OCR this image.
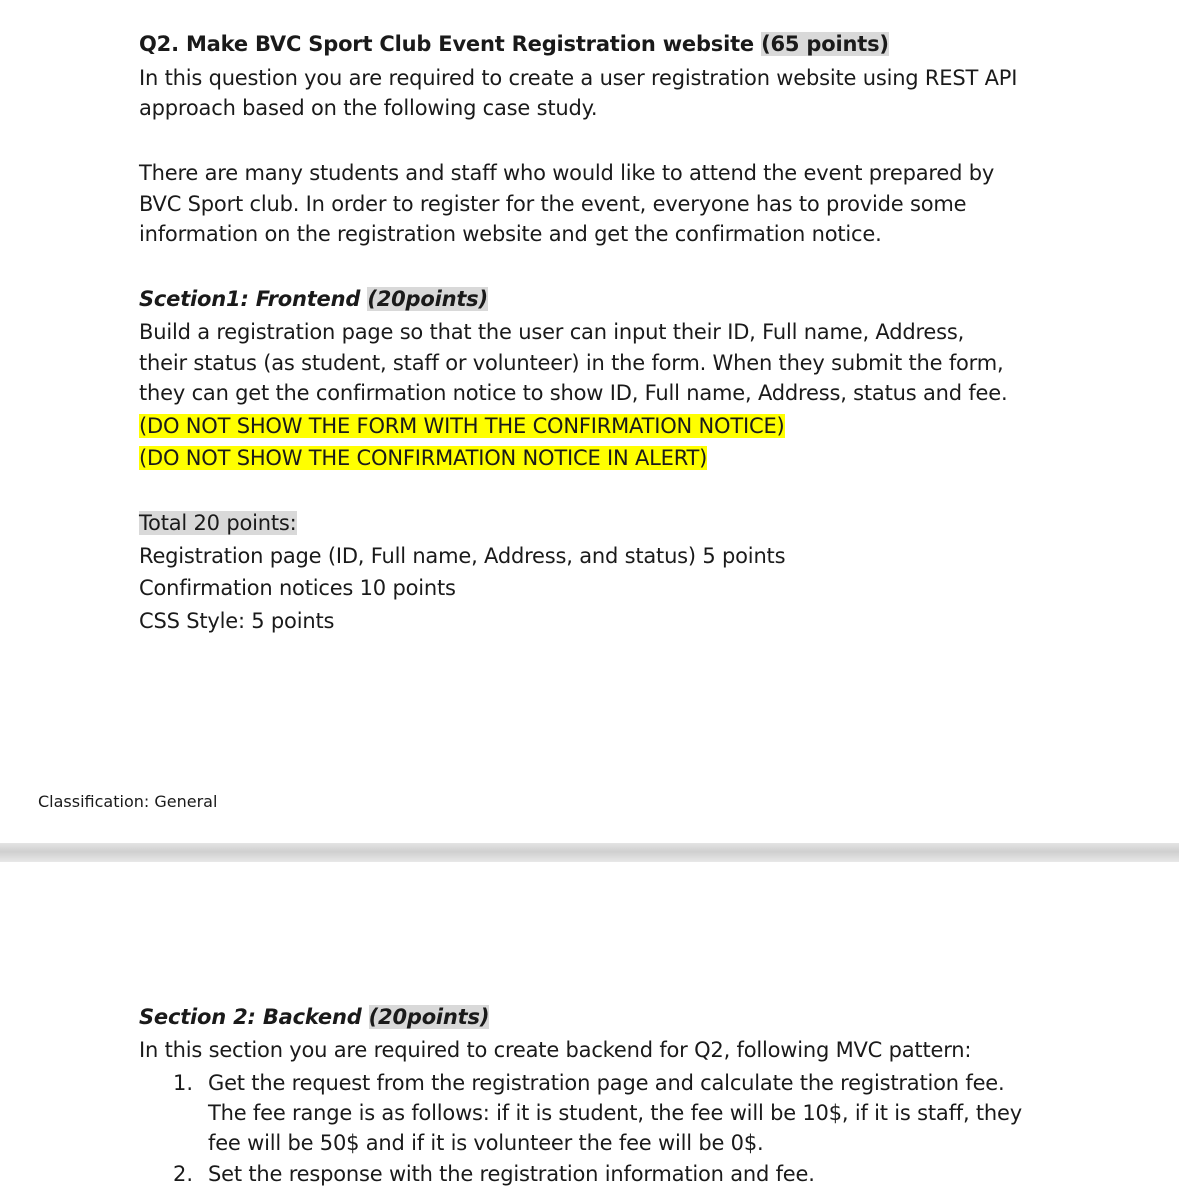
Q2. Make BVC Sport Club Event Registration website (65 points)
In this question you are required to create a user registration website using REST API
approach based on the following case study.
There are many students and staff who would like to attend the event prepared by
BVC Sport club. In order to register for the event, everyone has to provide some
information on the registration website and get the confirmation notice.
Scetion1: Frontend (20points)
Build a registration page so that the user can input their ID, Full name, Address,
their status (as student, staff or volunteer) in the form. When they submit the form,
they can get the confirmation notice to show ID, Full name, Address, status and fee.
(DO NOT SHOW THE FORM WITH THE CONFIRMATION NOTICE)
(DO NOT SHOW THE CONFIRMATION NOTICE IN ALERT)
Total 20 points:
Registration page (ID, Full name, Address, and status) 5 points
Confirmation notices 10 points
CSS Style: 5 points
Classification: General
Section 2: Backend (20points)
In this section you are required to create backend for Q2, following MVC pattern:
1. Get the request from the registration page and calculate the registration fee.
The fee range is as follows: if it is student, the fee will be 10$, if it is staff, they
fee will be 50$ and if it is volunteer the fee will be 0$.
2. Set the response with the registration information and fee.
